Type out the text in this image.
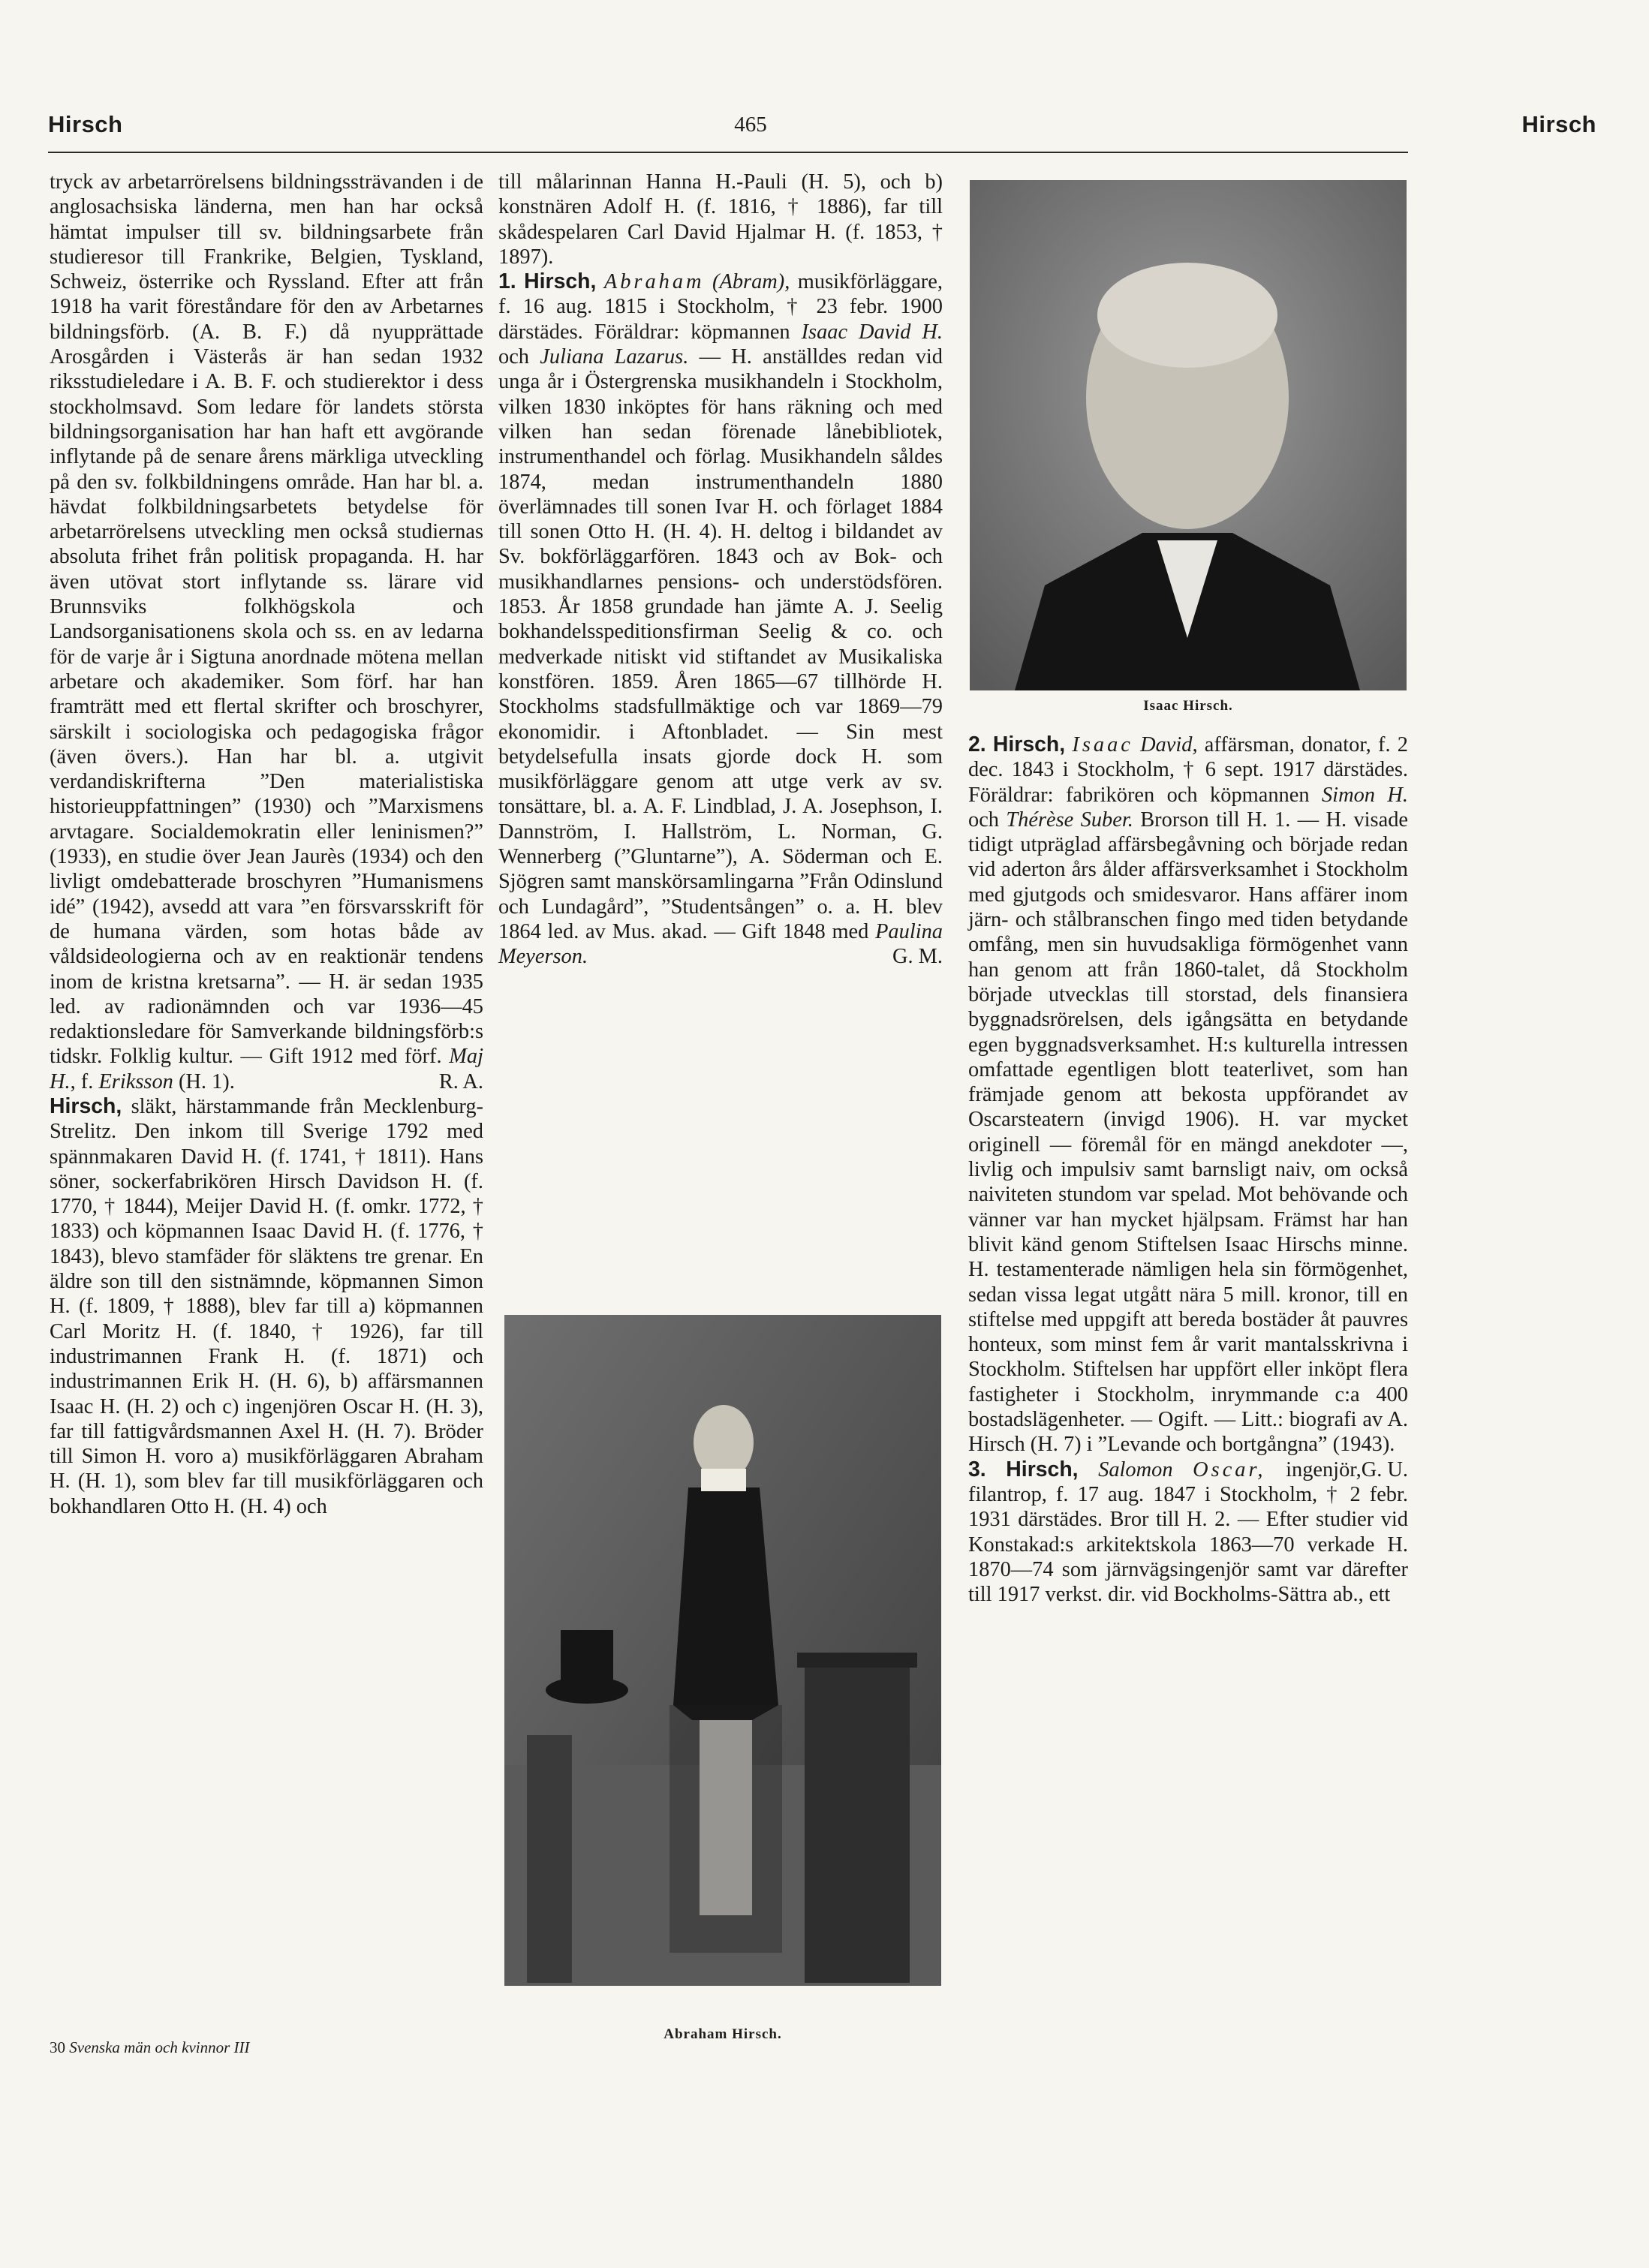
Hirsch	465	Hirsch

tryck av arbetarrörelsens bildningssträvanden i de anglosachsiska länderna, men han har också hämtat impulser till sv. bildningsarbete från studieresor till Frankrike, Belgien, Tyskland, Schweiz, österrike och Ryssland. Efter att från 1918 ha varit föreståndare för den av Arbetarnes bildningsförb. (A. B. F.) då nyupprättade Arosgården i Västerås är han sedan 1932 riksstudieledare i A. B. F. och studierektor i dess stockholmsavd. Som ledare för landets största bildningsorganisation har han haft ett avgörande inflytande på de senare årens märkliga utveckling på den sv. folkbildningens område. Han har bl. a. hävdat folkbildningsarbetets betydelse för arbetarrörelsens utveckling men också studiernas absoluta frihet från politisk propaganda. H. har även utövat stort inflytande ss. lärare vid Brunnsviks folkhögskola och Landsorganisationens skola och ss. en av ledarna för de varje år i Sigtuna anordnade mötena mellan arbetare och akademiker. Som förf. har han framträtt med ett flertal skrifter och broschyrer, särskilt i sociologiska och pedagogiska frågor (även övers.). Han har bl. a. utgivit verdandiskrifterna ”Den materialistiska historieuppfattningen” (1930) och ”Marxismens arvtagare. Socialdemokratin eller leninismen?” (1933), en studie över Jean Jaurès (1934) och den livligt omdebatterade broschyren ”Humanismens idé” (1942), avsedd att vara ”en försvarsskrift för de humana värden, som hotas både av våldsideologierna och av en reaktionär tendens inom de kristna kretsarna”. — H. är sedan 1935 led. av radionämnden och var 1936—45 redaktionsledare för Samverkande bildningsförb:s tidskr. Folklig kultur. — Gift 1912 med förf. Maj H., f. Eriksson (H. 1).	R. A.

Hirsch, släkt, härstammande från Mecklenburg-Strelitz. Den inkom till Sverige 1792 med spännmakaren David H. (f. 1741, † 1811). Hans söner, sockerfabrikören Hirsch Davidson H. (f. 1770, † 1844), Meijer David H. (f. omkr. 1772, † 1833) och köpmannen Isaac David H. (f. 1776, † 1843), blevo stamfäder för släktens tre grenar. En äldre son till den sistnämnde, köpmannen Simon H. (f. 1809, † 1888), blev far till a) köpmannen Carl Moritz H. (f. 1840, † 1926), far till industrimannen Frank H. (f. 1871) och industrimannen Erik H. (H. 6), b) affärsmannen Isaac H. (H. 2) och c) ingenjören Oscar H. (H. 3), far till fattigvårdsmannen Axel H. (H. 7). Bröder till Simon H. voro a) musikförläggaren Abraham H. (H. 1), som blev far till musikförläggaren och bokhandlaren Otto H. (H. 4) och

till målarinnan Hanna H.-Pauli (H. 5), och b) konstnären Adolf H. (f. 1816, † 1886), far till skådespelaren Carl David Hjalmar H. (f. 1853, † 1897).

1. Hirsch, Abraham (Abram), musikförläggare, f. 16 aug. 1815 i Stockholm, † 23 febr. 1900 därstädes. Föräldrar: köpmannen Isaac David H. och Juliana Lazarus. — H. anställdes redan vid unga år i Östergrenska musikhandeln i Stockholm, vilken 1830 inköptes för hans räkning och med vilken han sedan förenade lånebibliotek, instrumenthandel och förlag. Musikhandeln såldes 1874, medan instrumenthandeln 1880 överlämnades till sonen Ivar H. och förlaget 1884 till sonen Otto H. (H. 4). H. deltog i bildandet av Sv. bokförläggarfören. 1843 och av Bok- och musikhandlarnes pensions- och understödsfören. 1853. År 1858 grundade han jämte A. J. Seelig bokhandelsspeditionsfirman Seelig & co. och medverkade nitiskt vid stiftandet av Musikaliska konstfören. 1859. Åren 1865—67 tillhörde H. Stockholms stadsfullmäktige och var 1869—79 ekonomidir. i Aftonbladet. — Sin mest betydelsefulla insats gjorde dock H. som musikförläggare genom att utge verk av sv. tonsättare, bl. a. A. F. Lindblad, J. A. Josephson, I. Dannström, I. Hallström, L. Norman, G. Wennerberg (”Gluntarne”), A. Söderman och E. Sjögren samt manskörsamlingarna ”Från Odinslund och Lundagård”, ”Studentsången” o. a. H. blev 1864 led. av Mus. akad. — Gift 1848 med Paulina Meyerson.	G. M.

Abraham Hirsch.
Isaac Hirsch.

2. Hirsch, Isaac David, affärsman, donator, f. 2 dec. 1843 i Stockholm, † 6 sept. 1917 därstädes. Föräldrar: fabrikören och köpmannen Simon H. och Thérèse Suber. Brorson till H. 1. — H. visade tidigt utpräglad affärsbegåvning och började redan vid aderton års ålder affärsverksamhet i Stockholm med gjutgods och smidesvaror. Hans affärer inom järn- och stålbranschen fingo med tiden betydande omfång, men sin huvudsakliga förmögenhet vann han genom att från 1860-talet, då Stockholm började utvecklas till storstad, dels finansiera byggnadsrörelsen, dels igångsätta en betydande egen byggnadsverksamhet. H:s kulturella intressen omfattade egentligen blott teaterlivet, som han främjade genom att bekosta uppförandet av Oscarsteatern (invigd 1906). H. var mycket originell — föremål för en mängd anekdoter —, livlig och impulsiv samt barnsligt naiv, om också naiviteten stundom var spelad. Mot behövande och vänner var han mycket hjälpsam. Främst har han blivit känd genom Stiftelsen Isaac Hirschs minne. H. testamenterade nämligen hela sin förmögenhet, sedan vissa legat utgått nära 5 mill. kronor, till en stiftelse med uppgift att bereda bostäder åt pauvres honteux, som minst fem år varit mantalsskrivna i Stockholm. Stiftelsen har uppfört eller inköpt flera fastigheter i Stockholm, inrymmande c:a 400 bostadslägenheter. — Ogift. — Litt.: biografi av A. Hirsch (H. 7) i ”Levande och bortgångna” (1943).
G. U.

3. Hirsch, Salomon Oscar, ingenjör, filantrop, f. 17 aug. 1847 i Stockholm, † 2 febr. 1931 därstädes. Bror till H. 2. — Efter studier vid Konstakad:s arkitektskola 1863—70 verkade H. 1870—74 som järnvägsingenjör samt var därefter till 1917 verkst. dir. vid Bockholms-Sättra ab., ett

30 Svenska män och kvinnor III
